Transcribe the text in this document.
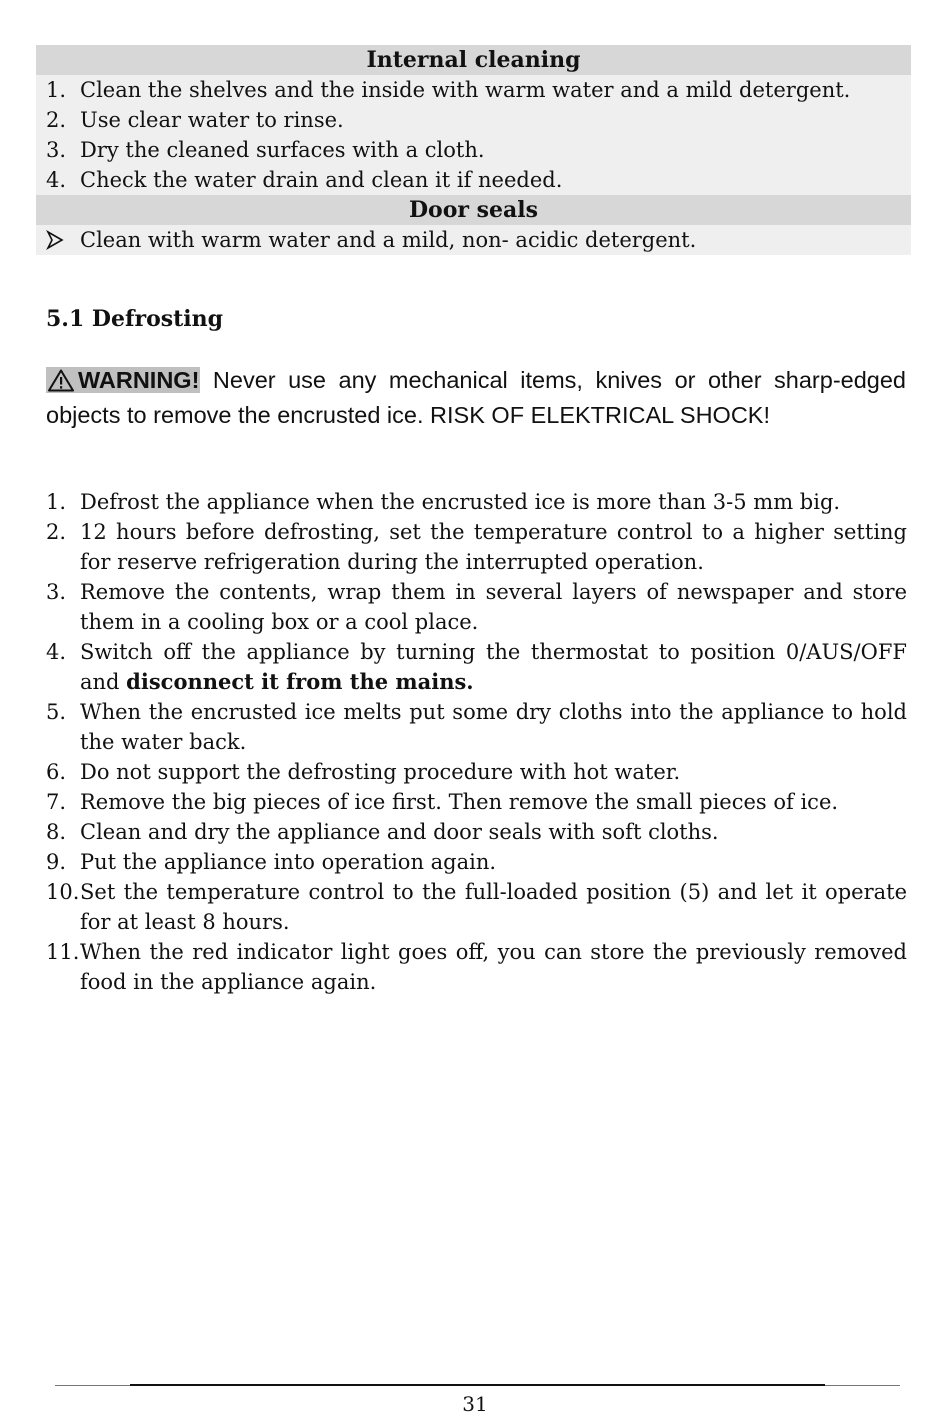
Internal cleaning
1. Clean the shelves and the inside with warm water and a mild detergent.
2. Use clear water to rinse.
3. Dry the cleaned surfaces with a cloth.
4. Check the water drain and clean it if needed.
Door seals
Clean with warm water and a mild, non- acidic detergent.
5.1 Defrosting

WARNING! Never use any mechanical items, knives or other sharp-edged objects to remove the encrusted ice. RISK OF ELEKTRICAL SHOCK!

1. Defrost the appliance when the encrusted ice is more than 3-5 mm big.
2. 12 hours before defrosting, set the temperature control to a higher setting for reserve refrigeration during the interrupted operation.
3. Remove the contents, wrap them in several layers of newspaper and store them in a cooling box or a cool place.
4. Switch off the appliance by turning the thermostat to position 0/AUS/OFF and disconnect it from the mains.
5. When the encrusted ice melts put some dry cloths into the appliance to hold the water back.
6. Do not support the defrosting procedure with hot water.
7. Remove the big pieces of ice first. Then remove the small pieces of ice.
8. Clean and dry the appliance and door seals with soft cloths.
9. Put the appliance into operation again.
10. Set the temperature control to the full-loaded position (5) and let it operate for at least 8 hours.
11. When the red indicator light goes off, you can store the previously removed food in the appliance again.
31
